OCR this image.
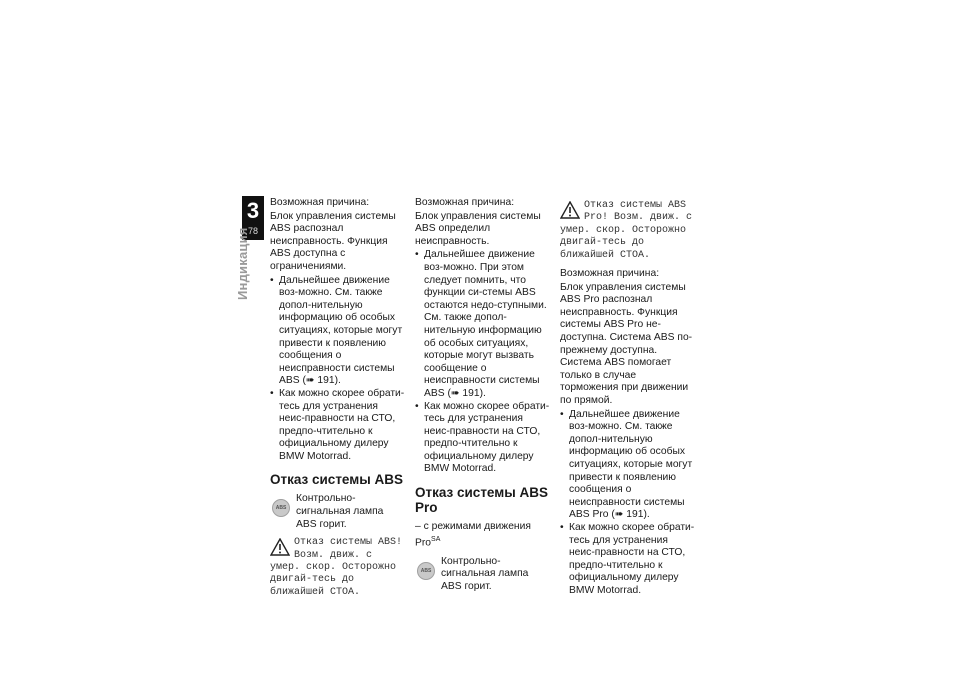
3
78
Индикация

Возможная причина:

Блок управления системы ABS распознал неисправность. Функция ABS доступна с ограничениями.

• Дальнейшее движение воз-можно. См. также допол-нительную информацию об особых ситуациях, которые могут привести к появлению сообщения о неисправности системы ABS (➠ 191).
• Как можно скорее обрати-тесь для устранения неис-правности на СТО, предпо-чтительно к официальному дилеру BMW Motorrad.
Отказ системы ABS
ABS
Контрольно-сигнальная лампа ABS горит.
Отказ системы ABS! Возм. движ. с умер. скор. Осторожно двигай-тесь до ближайшей СТОА.

Возможная причина:

Блок управления системы ABS определил неисправность.

• Дальнейшее движение воз-можно. При этом следует помнить, что функции си-стемы ABS остаются недо-ступными. См. также допол-нительную информацию об особых ситуациях, которые могут вызвать сообщение о неисправности системы ABS (➠ 191).
• Как можно скорее обрати-тесь для устранения неис-правности на СТО, предпо-чтительно к официальному дилеру BMW Motorrad.
Отказ системы ABS Pro

– с режимами движения Pro$^{SA}$

ABS
Контрольно-сигнальная лампа ABS горит.
Отказ системы ABS Pro! Возм. движ. с умер. скор. Осторожно двигай-тесь до ближайшей СТОА.

Возможная причина:

Блок управления системы ABS Pro распознал неисправность. Функция системы ABS Pro не-доступна. Система ABS по-прежнему доступна. Система ABS помогает только в случае торможения при движении по прямой.

• Дальнейшее движение воз-можно. См. также допол-нительную информацию об особых ситуациях, которые могут привести к появлению сообщения о неисправности системы ABS Pro (➠ 191).
• Как можно скорее обрати-тесь для устранения неис-правности на СТО, предпо-чтительно к официальному дилеру BMW Motorrad.
